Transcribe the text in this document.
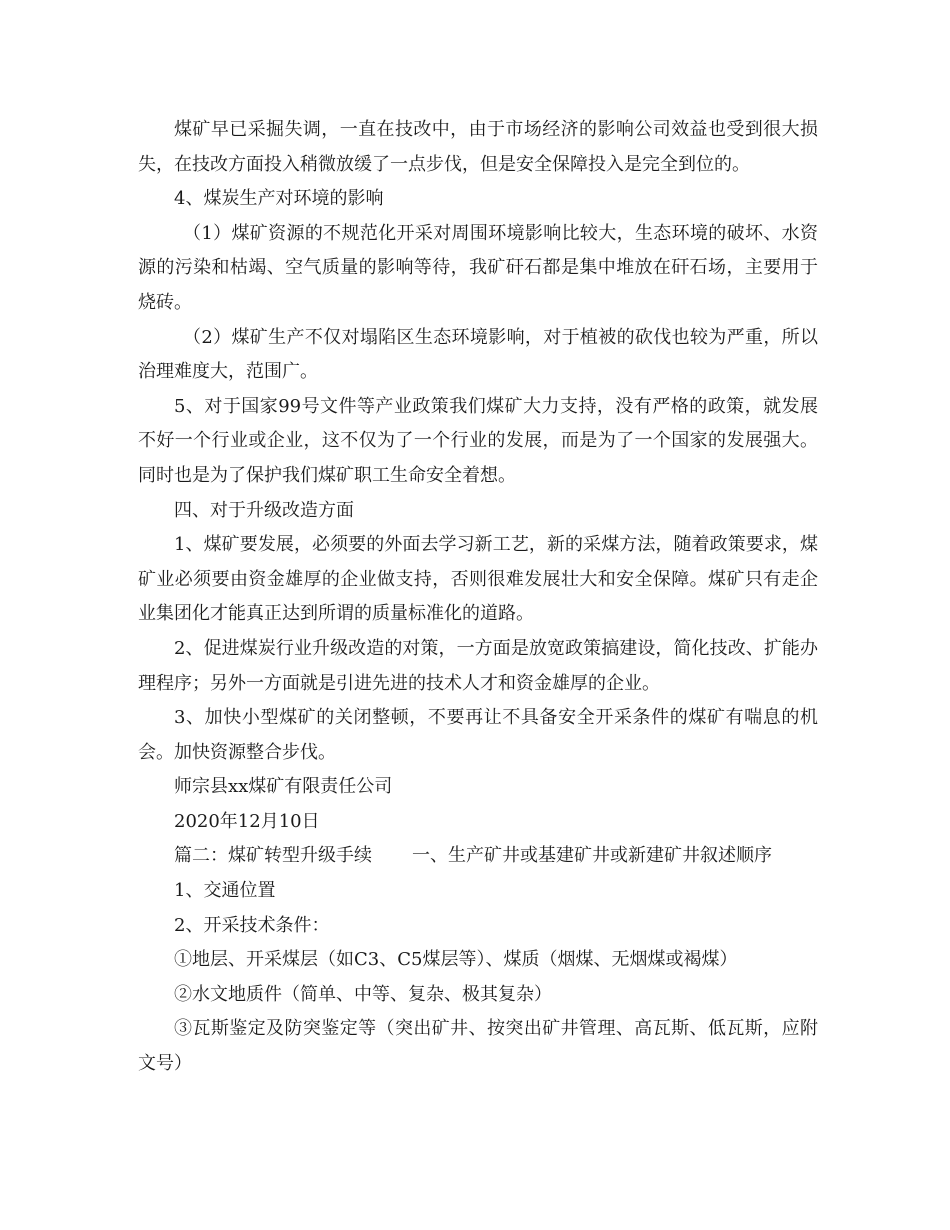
煤矿早已采掘失调，一直在技改中，由于市场经济的影响公司效益也受到很大损失，在技改方面投入稍微放缓了一点步伐，但是安全保障投入是完全到位的。

4、煤炭生产对环境的影响

（1）煤矿资源的不规范化开采对周围环境影响比较大，生态环境的破坏、水资源的污染和枯竭、空气质量的影响等待，我矿矸石都是集中堆放在矸石场，主要用于烧砖。

（2）煤矿生产不仅对塌陷区生态环境影响，对于植被的砍伐也较为严重，所以治理难度大，范围广。

5、对于国家99号文件等产业政策我们煤矿大力支持，没有严格的政策，就发展不好一个行业或企业，这不仅为了一个行业的发展，而是为了一个国家的发展强大。同时也是为了保护我们煤矿职工生命安全着想。

四、对于升级改造方面

1、煤矿要发展，必须要的外面去学习新工艺，新的采煤方法，随着政策要求，煤矿业必须要由资金雄厚的企业做支持，否则很难发展壮大和安全保障。煤矿只有走企业集团化才能真正达到所谓的质量标准化的道路。

2、促进煤炭行业升级改造的对策，一方面是放宽政策搞建设，简化技改、扩能办理程序；另外一方面就是引进先进的技术人才和资金雄厚的企业。

3、加快小型煤矿的关闭整顿，不要再让不具备安全开采条件的煤矿有喘息的机会。加快资源整合步伐。

师宗县xx煤矿有限责任公司

2020年12月10日

篇二：煤矿转型升级手续 一、生产矿井或基建矿井或新建矿井叙述顺序

1、交通位置

2、开采技术条件：

①地层、开采煤层（如C3、C5煤层等）、煤质（烟煤、无烟煤或褐煤）

②水文地质件（简单、中等、复杂、极其复杂）

③瓦斯鉴定及防突鉴定等（突出矿井、按突出矿井管理、高瓦斯、低瓦斯，应附文号）
